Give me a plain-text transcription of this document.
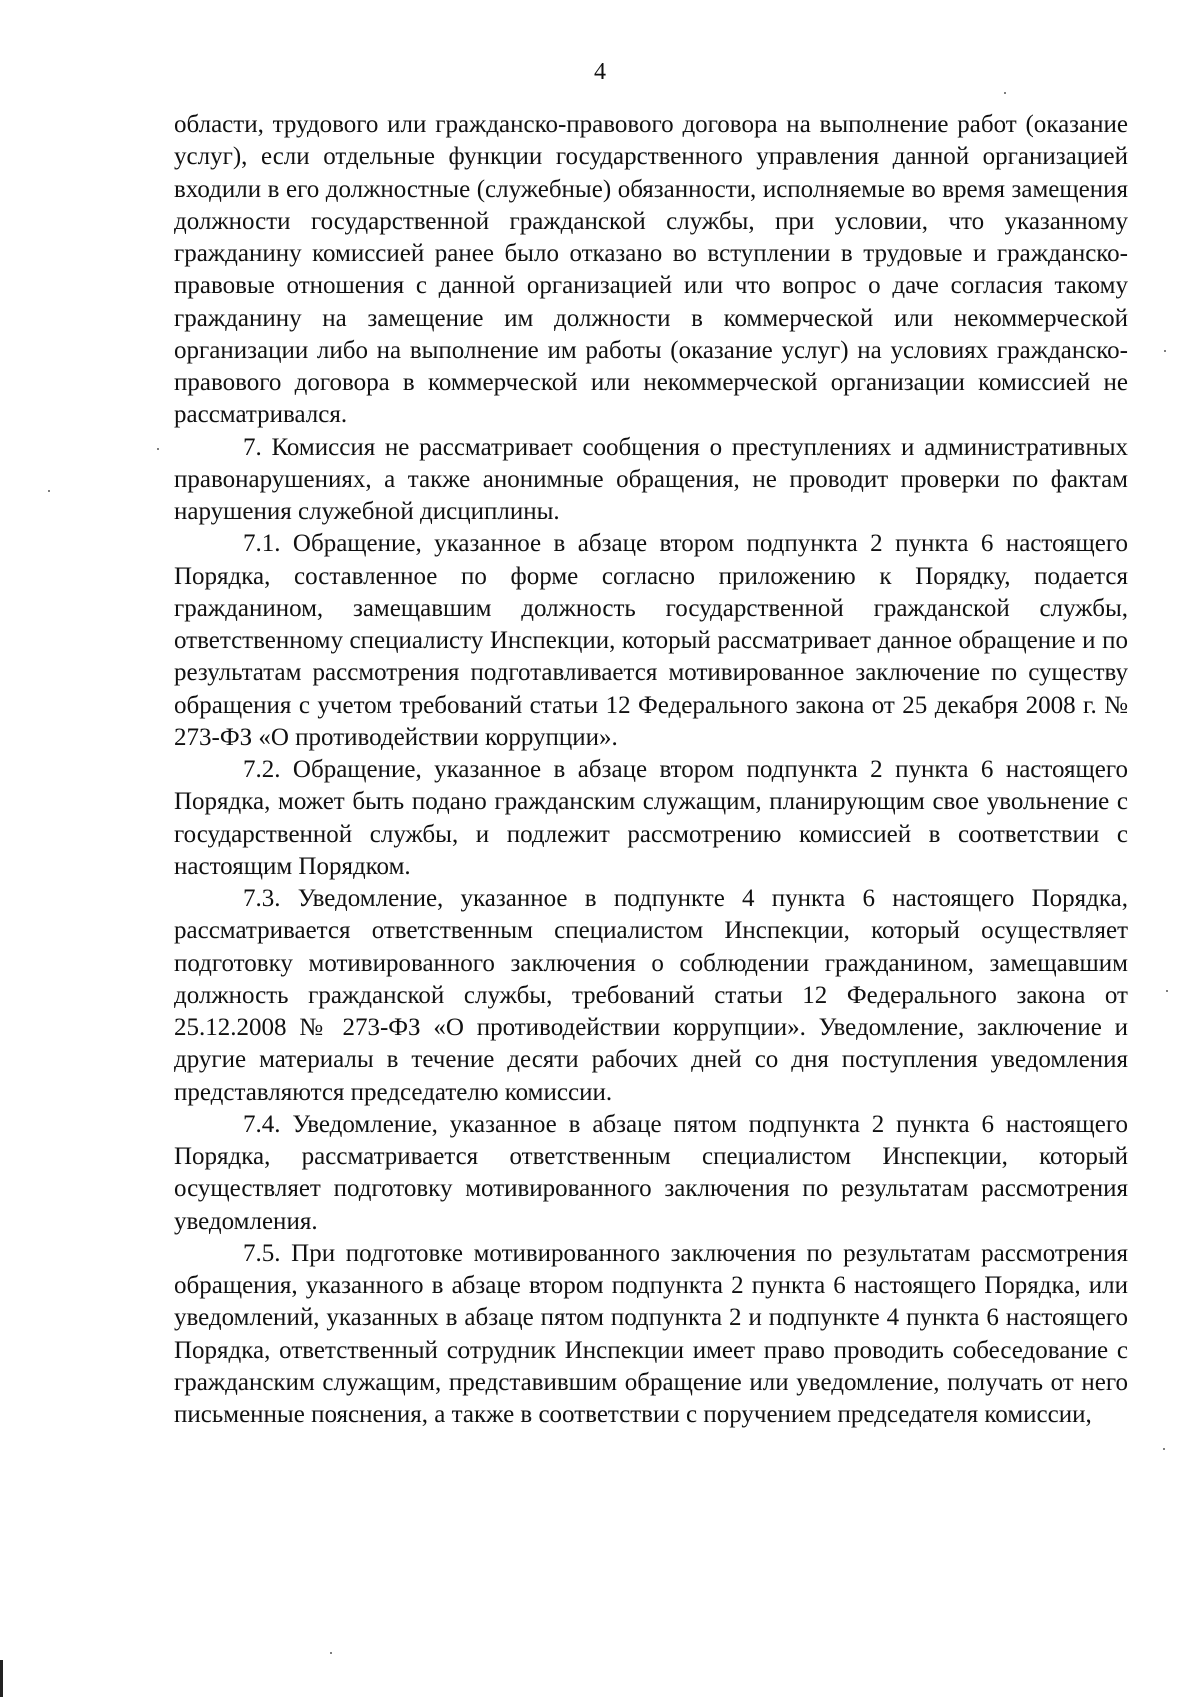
4

области, трудового или гражданско-правового договора на выполнение работ (оказание услуг), если отдельные функции государственного управления данной организацией входили в его должностные (служебные) обязанности, исполняемые во время замещения должности государственной гражданской службы, при условии, что указанному гражданину комиссией ранее было отказано во вступлении в трудовые и гражданско-правовые отношения с данной организацией или что вопрос о даче согласия такому гражданину на замещение им должности в коммерческой или некоммерческой организации либо на выполнение им работы (оказание услуг) на условиях гражданско-правового договора в коммерческой или некоммерческой организации комиссией не рассматривался.

7. Комиссия не рассматривает сообщения о преступлениях и административных правонарушениях, а также анонимные обращения, не проводит проверки по фактам нарушения служебной дисциплины.

7.1. Обращение, указанное в абзаце втором подпункта 2 пункта 6 настоящего Порядка, составленное по форме согласно приложению к Порядку, подается гражданином, замещавшим должность государственной гражданской службы, ответственному специалисту Инспекции, который рассматривает данное обращение и по результатам рассмотрения подготавливается мотивированное заключение по существу обращения с учетом требований статьи 12 Федерального закона от 25 декабря 2008 г. № 273-ФЗ «О противодействии коррупции».

7.2. Обращение, указанное в абзаце втором подпункта 2 пункта 6 настоящего Порядка, может быть подано гражданским служащим, планирующим свое увольнение с государственной службы, и подлежит рассмотрению комиссией в соответствии с настоящим Порядком.

7.3. Уведомление, указанное в подпункте 4 пункта 6 настоящего Порядка, рассматривается ответственным специалистом Инспекции, который осуществляет подготовку мотивированного заключения о соблюдении гражданином, замещавшим должность гражданской службы, требований статьи 12 Федерального закона от 25.12.2008 № 273-ФЗ «О противодействии коррупции». Уведомление, заключение и другие материалы в течение десяти рабочих дней со дня поступления уведомления представляются председателю комиссии.

7.4. Уведомление, указанное в абзаце пятом подпункта 2 пункта 6 настоящего Порядка, рассматривается ответственным специалистом Инспекции, который осуществляет подготовку мотивированного заключения по результатам рассмотрения уведомления.

7.5. При подготовке мотивированного заключения по результатам рассмотрения обращения, указанного в абзаце втором подпункта 2 пункта 6 настоящего Порядка, или уведомлений, указанных в абзаце пятом подпункта 2 и подпункте 4 пункта 6 настоящего Порядка, ответственный сотрудник Инспекции имеет право проводить собеседование с гражданским служащим, представившим обращение или уведомление, получать от него письменные пояснения, а также в соответствии с поручением председателя комиссии,
